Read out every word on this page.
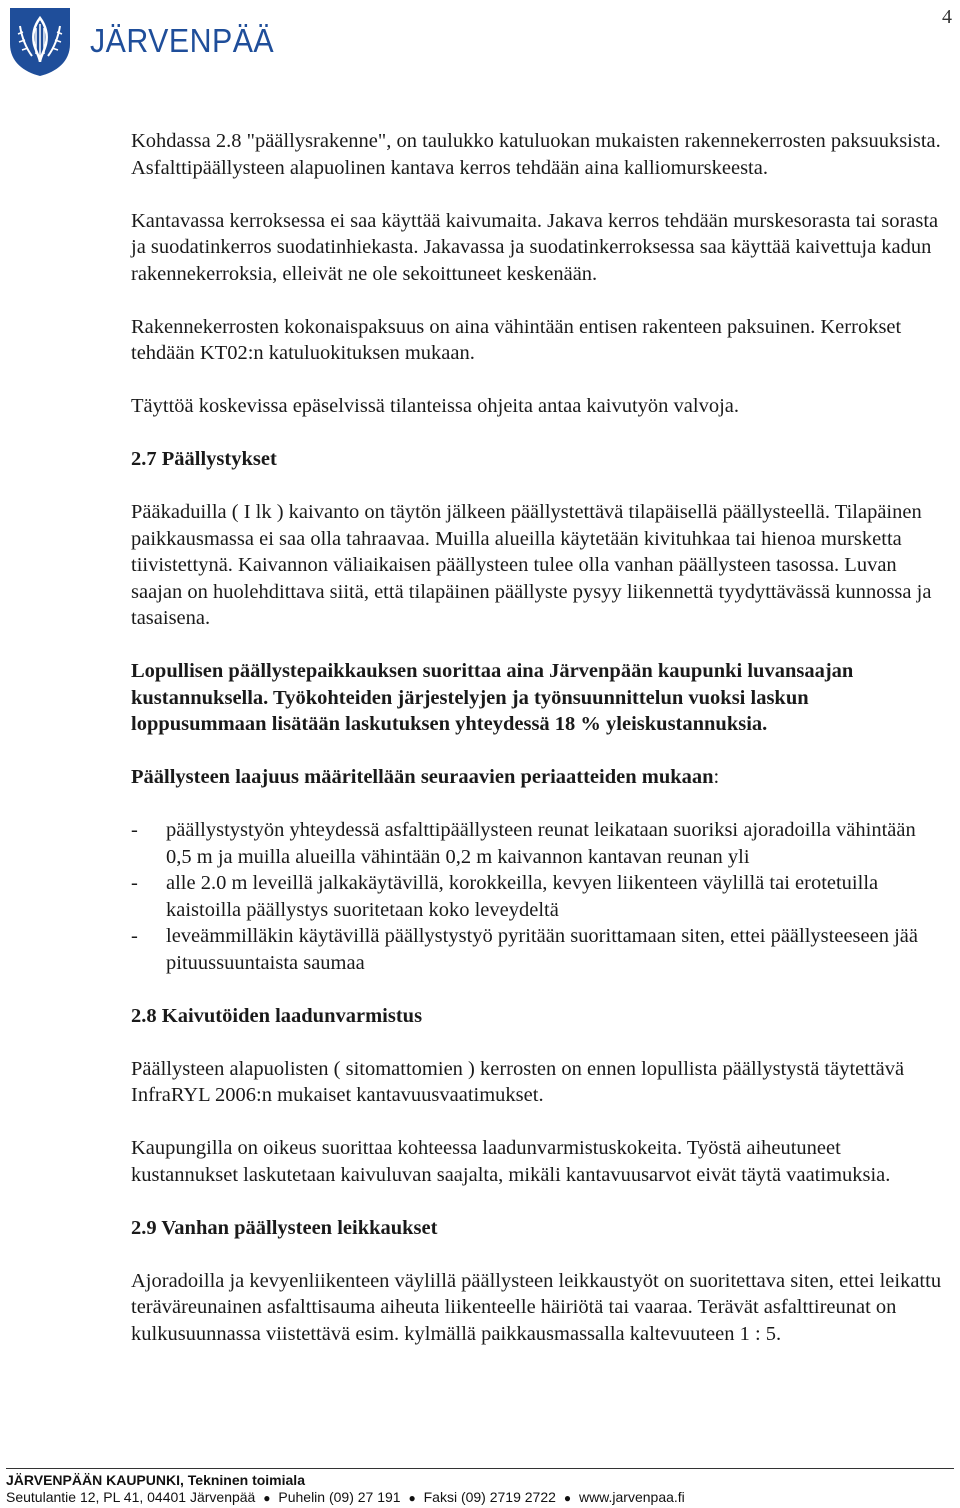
JÄRVENPÄÄ
4

Kohdassa 2.8 "päällysrakenne", on taulukko katuluokan mukaisten rakennekerrosten paksuuksista. Asfalttipäällysteen alapuolinen kantava kerros tehdään aina kalliomurskeesta.

Kantavassa kerroksessa ei saa käyttää kaivumaita. Jakava kerros tehdään murskesorasta tai sorasta ja suodatinkerros suodatinhiekasta. Jakavassa ja suodatinkerroksessa saa käyttää kaivettuja kadun rakennekerroksia, elleivät ne ole sekoittuneet keskenään.

Rakennekerrosten kokonaispaksuus on aina vähintään entisen rakenteen paksuinen. Kerrokset tehdään KT02:n katuluokituksen mukaan.

Täyttöä koskevissa epäselvissä tilanteissa ohjeita antaa kaivutyön valvoja.

2.7 Päällystykset

Pääkaduilla ( I lk ) kaivanto on täytön jälkeen päällystettävä tilapäisellä päällysteellä. Tilapäinen paikkausmassa ei saa olla tahraavaa. Muilla alueilla käytetään kivituhkaa tai hienoa mursketta tiivistettynä. Kaivannon väliaikaisen päällysteen tulee olla vanhan päällysteen tasossa. Luvan saajan on huolehdittava siitä, että tilapäinen päällyste pysyy liikennettä tyydyttävässä kunnossa ja tasaisena.

Lopullisen päällystepaikkauksen suorittaa aina Järvenpään kaupunki luvansaajan kustannuksella. Työkohteiden järjestelyjen ja työnsuunnittelun vuoksi laskun loppusummaan lisätään laskutuksen yhteydessä 18 % yleiskustannuksia.

Päällysteen laajuus määritellään seuraavien periaatteiden mukaan:

- päällystystyön yhteydessä asfalttipäällysteen reunat leikataan suoriksi ajoradoilla vähintään 0,5 m ja muilla alueilla vähintään 0,2 m kaivannon kantavan reunan yli
- alle 2.0 m leveillä jalkakäytävillä, korokkeilla, kevyen liikenteen väylillä tai erotetuilla kaistoilla päällystys suoritetaan koko leveydeltä
- leveämmilläkin käytävillä päällystystyö pyritään suorittamaan siten, ettei päällysteeseen jää pituussuuntaista saumaa
2.8 Kaivutöiden laadunvarmistus

Päällysteen alapuolisten ( sitomattomien ) kerrosten on ennen lopullista päällystystä täytettävä InfraRYL 2006:n mukaiset kantavuusvaatimukset.

Kaupungilla on oikeus suorittaa kohteessa laadunvarmistuskokeita. Työstä aiheutuneet kustannukset laskutetaan kaivuluvan saajalta, mikäli kantavuusarvot eivät täytä vaatimuksia.

2.9 Vanhan päällysteen leikkaukset

Ajoradoilla ja kevyenliikenteen väylillä päällysteen leikkaustyöt on suoritettava siten, ettei leikattu teräväreunainen asfalttisauma aiheuta liikenteelle häiriötä tai vaaraa. Terävät asfalttireunat on kulkusuunnassa viistettävä esim. kylmällä paikkausmassalla kaltevuuteen 1 : 5.

JÄRVENPÄÄN KAUPUNKI, Tekninen toimiala
Seutulantie 12, PL 41, 04401 Järvenpää ● Puhelin (09) 27 191 ● Faksi (09) 2719 2722 ● www.jarvenpaa.fi
